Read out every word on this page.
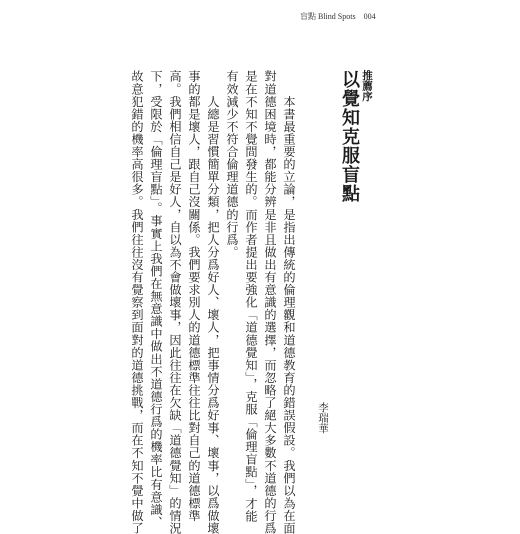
盲點 Blind Spots 004
推薦序
以覺知克服盲點
李瑞華
　　本書最重要的立論，是指出傳統的倫理觀和道德教育的錯誤假設。我們以為在面
對道德困境時，都能分辨是非且做出有意識的選擇，而忽略了絕大多數不道德的行爲
是在不知不覺間發生的。而作者提出要強化「道德覺知」，克服「倫理盲點」，才能
有效減少不符合倫理道德的行爲。
　　人總是習慣簡單分類，把人分爲好人、壞人，把事情分爲好事、壞事，以爲做壞
事的都是壞人，跟自己沒關係。我們要求別人的道德標準往往比對自己的道德標準
高。我們相信自己是好人，自以為不會做壞事，因此往往在欠缺「道德覺知」的情況
下，受限於「倫理盲點」。事實上我們在無意識中做出不道德行爲的機率比有意識、
故意犯錯的機率高很多。我們往往沒有覺察到面對的道德挑戰，而在不知不覺中做了
